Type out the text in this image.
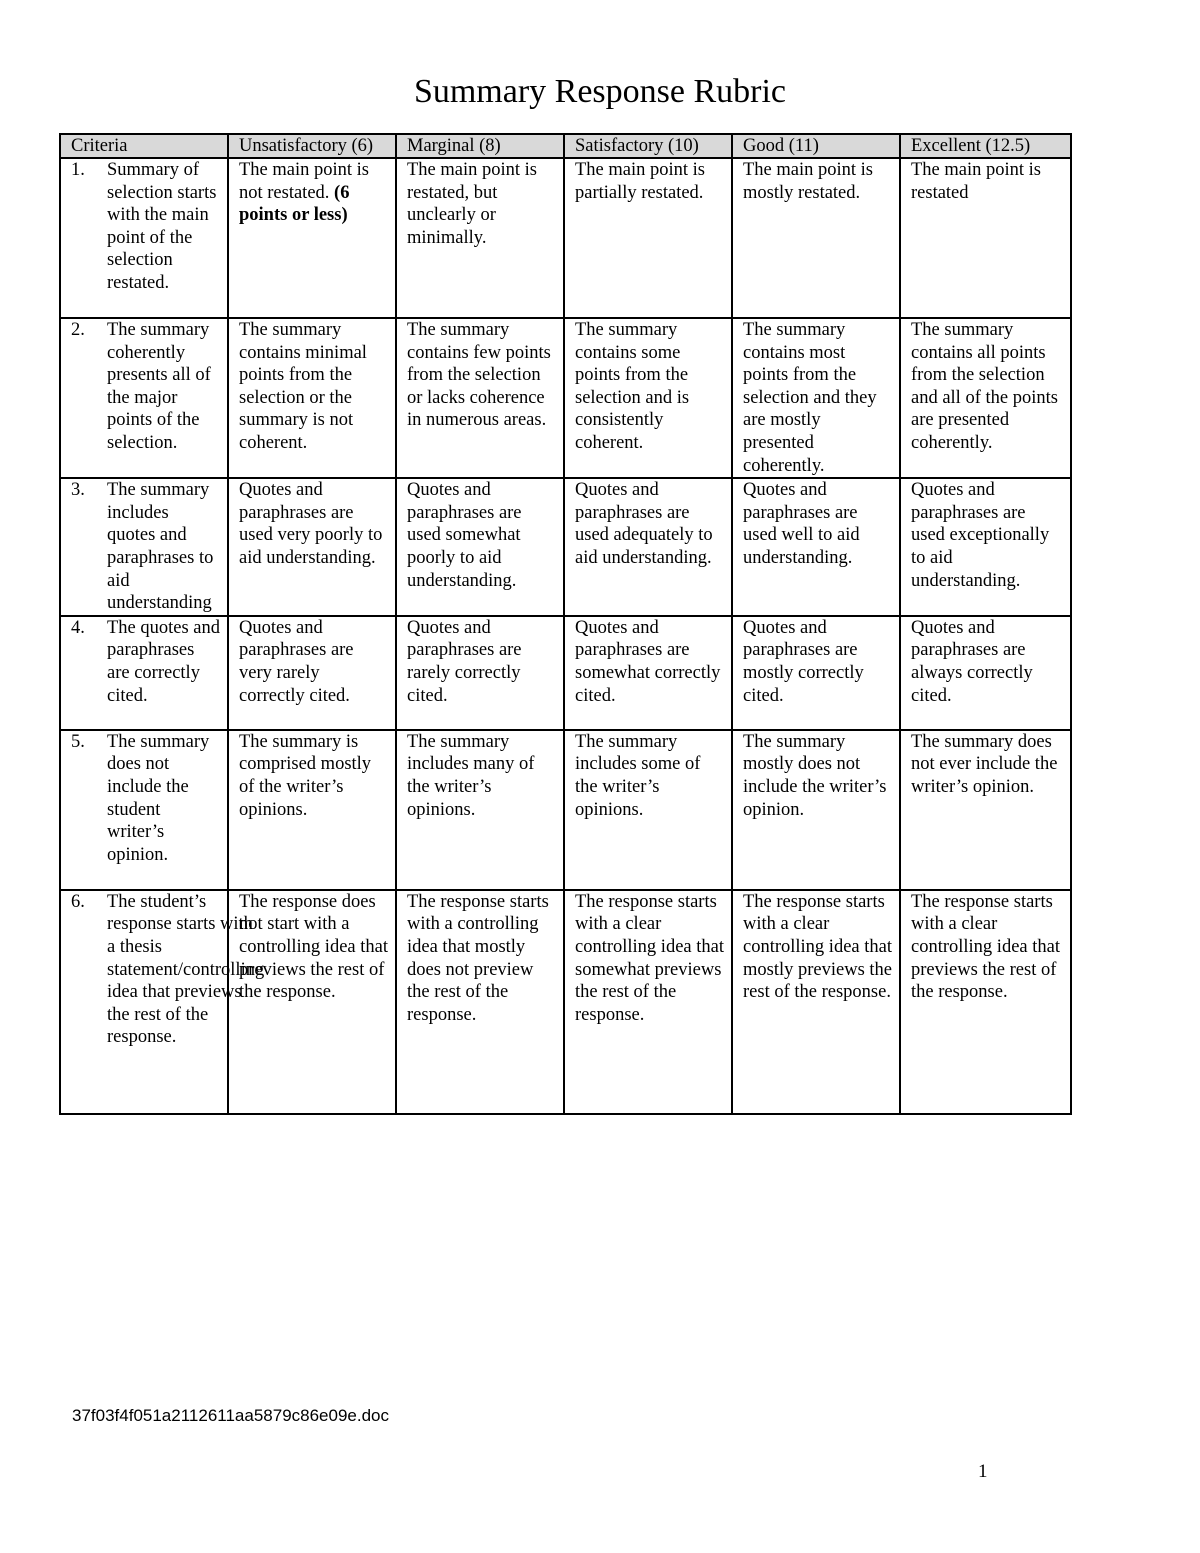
Summary Response Rubric
Criteria	Unsatisfactory (6)	Marginal (8)	Satisfactory (10)	Good (11)	Excellent (12.5)

1. Summary of selection starts with the main point of the selection restated.	The main point is not restated. (6 points or less)	The main point is restated, but unclearly or minimally.	The main point is partially restated.	The main point is mostly restated.	The main point is restated

2. The summary coherently presents all of the major points of the selection.	The summary contains minimal points from the selection or the summary is not coherent.	The summary contains few points from the selection or lacks coherence in numerous areas.	The summary contains some points from the selection and is consistently coherent.	The summary contains most points from the selection and they are mostly presented coherently.	The summary contains all points from the selection and all of the points are presented coherently.

3. The summary includes quotes and paraphrases to aid understanding	Quotes and paraphrases are used very poorly to aid understanding.	Quotes and paraphrases are used somewhat poorly to aid understanding.	Quotes and paraphrases are used adequately to aid understanding.	Quotes and paraphrases are used well to aid understanding.	Quotes and paraphrases are used exceptionally to aid understanding.

4. The quotes and paraphrases are correctly cited.	Quotes and paraphrases are very rarely correctly cited.	Quotes and paraphrases are rarely correctly cited.	Quotes and paraphrases are somewhat correctly cited.	Quotes and paraphrases are mostly correctly cited.	Quotes and paraphrases are always correctly cited.

5. The summary does not include the student writer’s opinion.	The summary is comprised mostly of the writer’s opinions.	The summary includes many of the writer’s opinions.	The summary includes some of the writer’s opinions.	The summary mostly does not include the writer’s opinion.	The summary does not ever include the writer’s opinion.

6. The student’s response starts with a thesis statement/controlling idea that previews the rest of the response.	The response does not start with a controlling idea that previews the rest of the response.	The response starts with a controlling idea that mostly does not preview the rest of the response.	The response starts with a clear controlling idea that somewhat previews the rest of the response.	The response starts with a clear controlling idea that mostly previews the rest of the response.	The response starts with a clear controlling idea that previews the rest of the response.
37f03f4f051a2112611aa5879c86e09e.doc
1
